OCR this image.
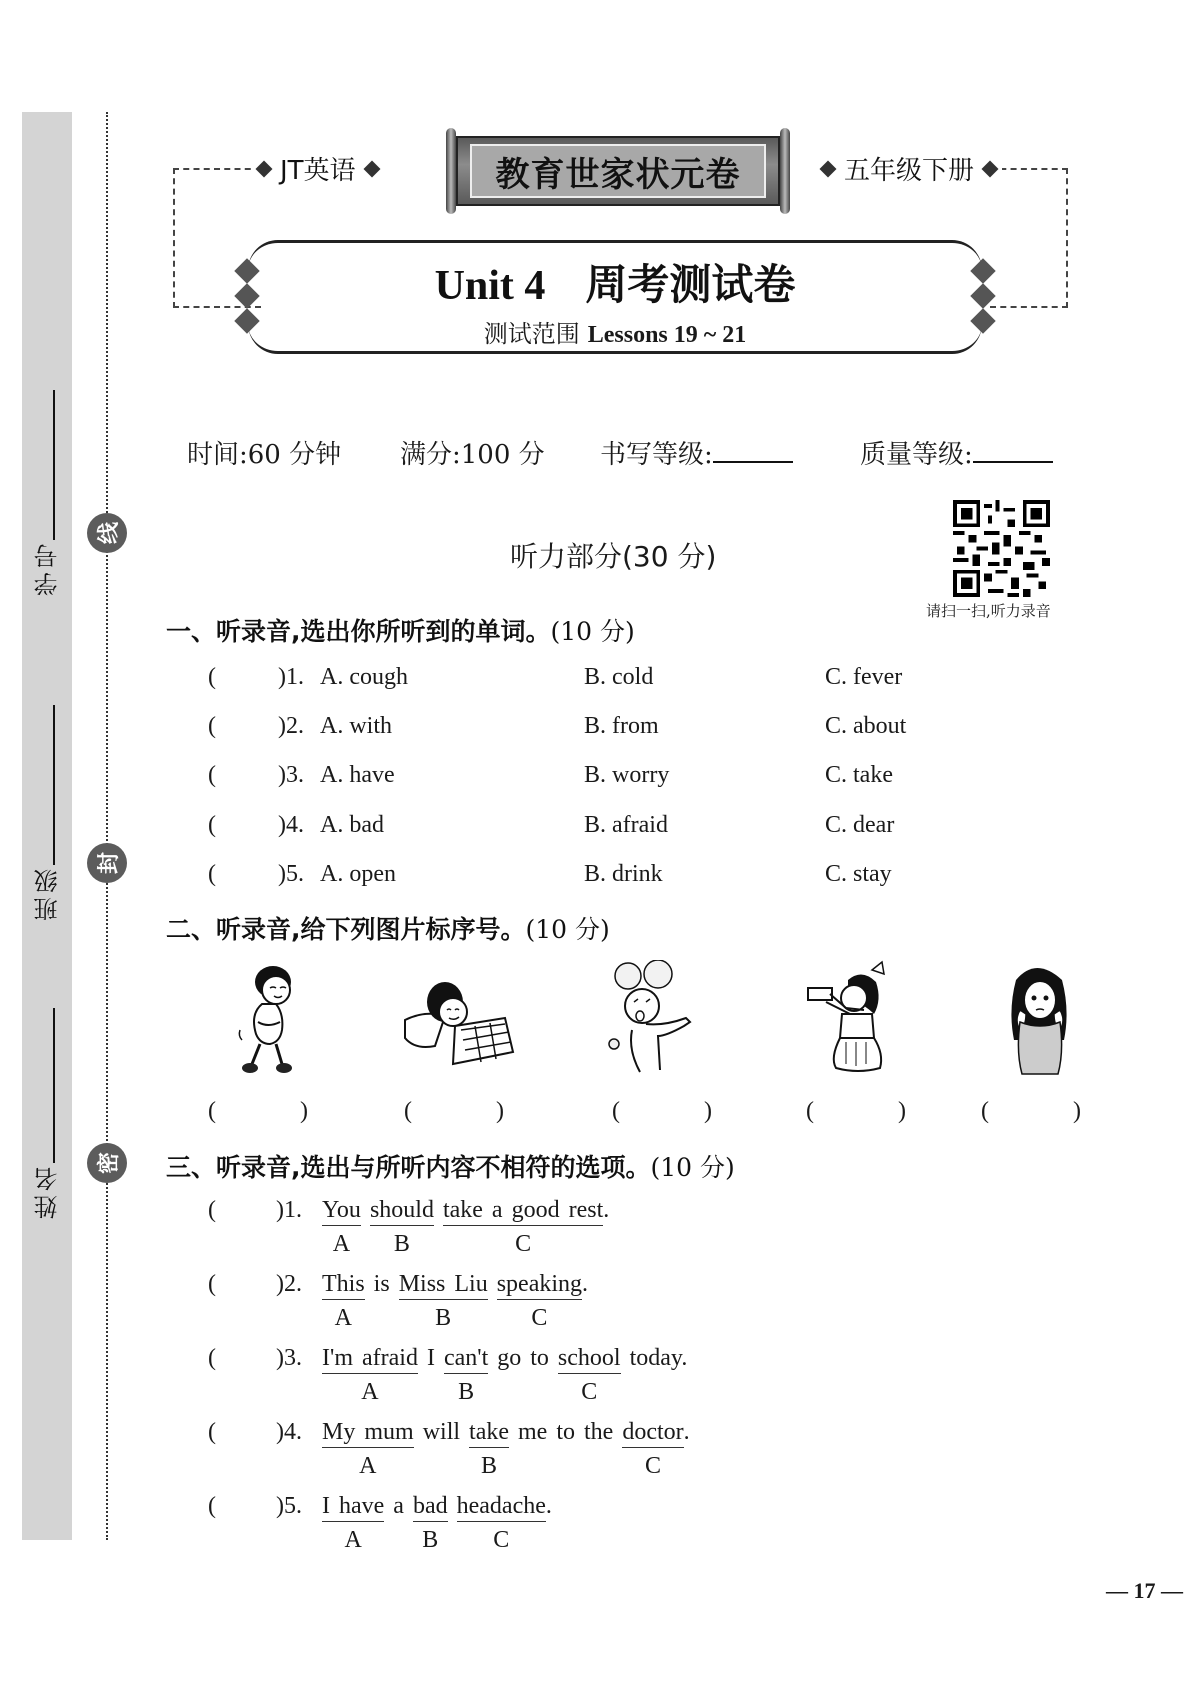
学号
班级
姓名
线
封
密
JT英语	五年级下册
教育世家状元卷
Unit 4 周考测试卷
测试范围 Lessons 19 ~ 21
时间:60 分钟 满分:100 分 书写等级:	质量等级:
请扫一扫,听力录音
听力部分(30 分)
一、听录音,选出你所听到的单词。(10 分)
(	)1. A. cough	B. cold	C. fever
(	)2. A. with	B. from	C. about
(	)3. A. have	B. worry	C. take
(	)4. A. bad	B. afraid	C. dear
(	)5. A. open	B. drink	C. stay
二、听录音,给下列图片标序号。(10 分)
(    )	(    )	(    )	(    )	(    )
三、听录音,选出与所听内容不相符的选项。(10 分)
(	)1. You
A
should
B
take a good rest
C
.
(	)2. This
A
is Miss Liu
B
speaking
C
.
(	)3. I'm afraid
A
I can't
B
go to school
C
today.
(	)4. My mum
A
will take
B
me to the doctor
C
.
(	)5. I have
A
a bad
B
headache
C
.
— 17 —
